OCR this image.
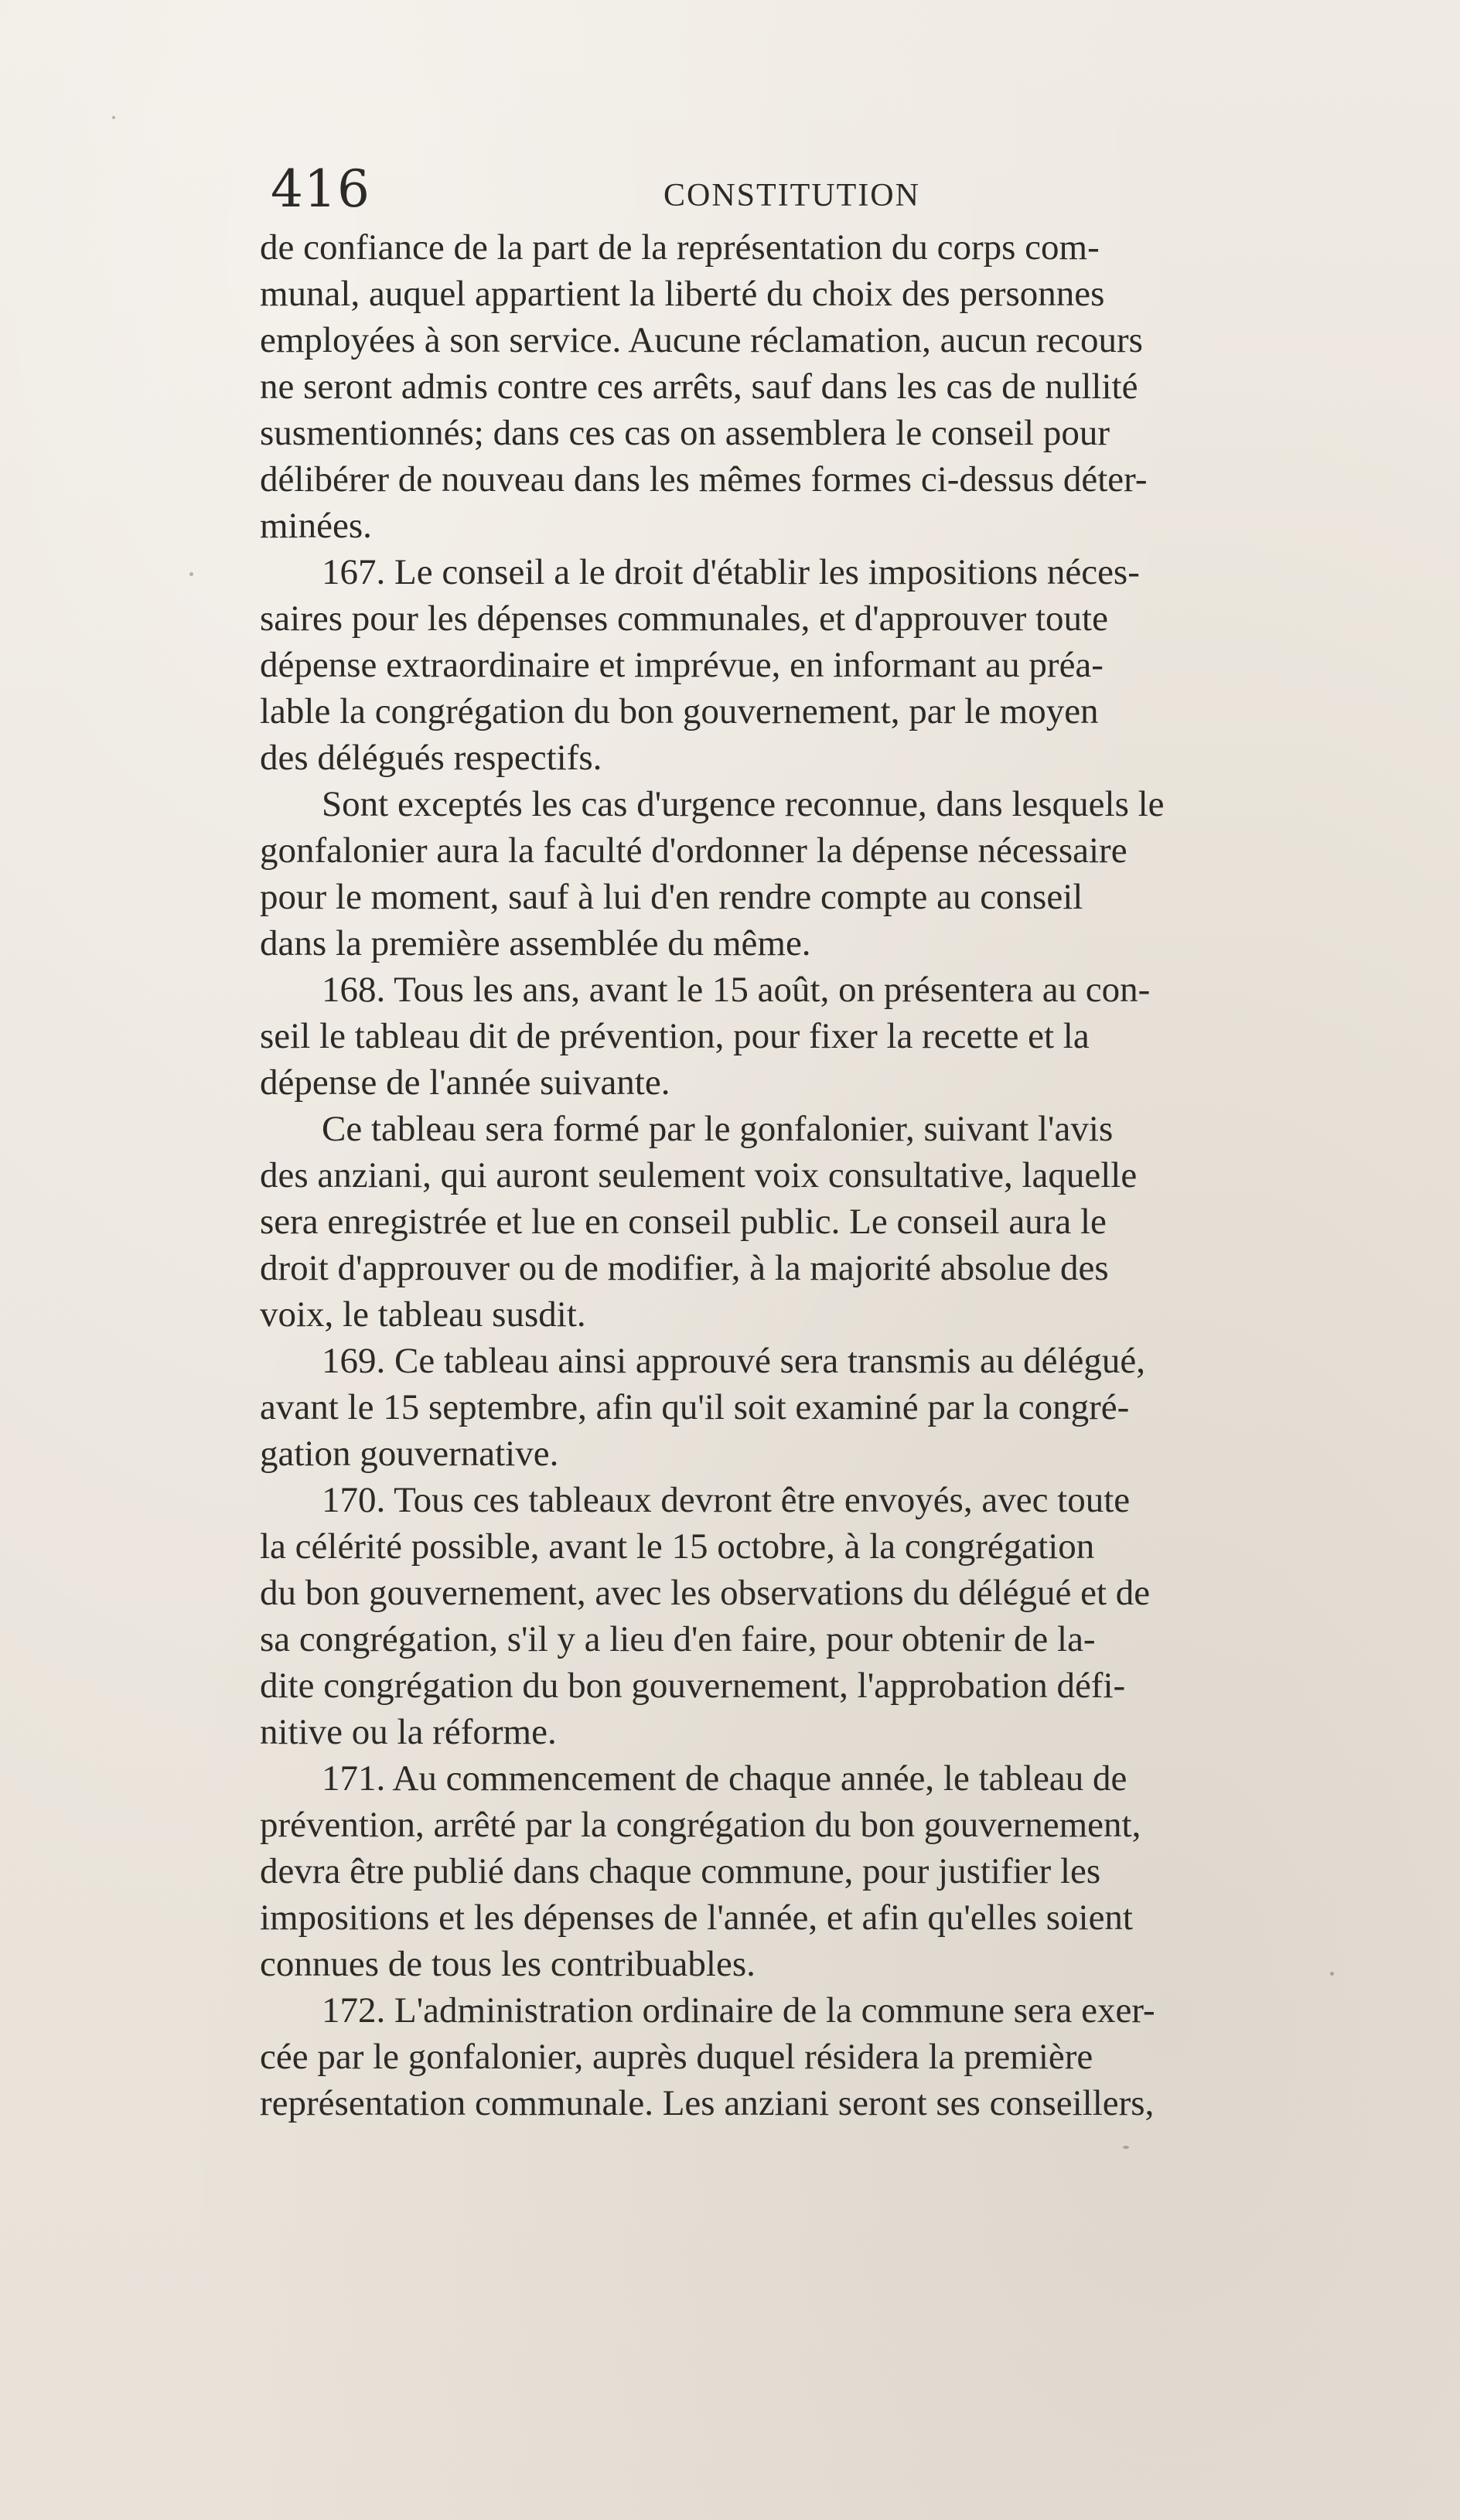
416	CONSTITUTION
de confiance de la part de la représentation du corps com-
munal, auquel appartient la liberté du choix des personnes
employées à son service. Aucune réclamation, aucun recours
ne seront admis contre ces arrêts, sauf dans les cas de nullité
susmentionnés; dans ces cas on assemblera le conseil pour
délibérer de nouveau dans les mêmes formes ci-dessus déter-
minées.
167. Le conseil a le droit d'établir les impositions néces-
saires pour les dépenses communales, et d'approuver toute
dépense extraordinaire et imprévue, en informant au préa-
lable la congrégation du bon gouvernement, par le moyen
des délégués respectifs.
Sont exceptés les cas d'urgence reconnue, dans lesquels le
gonfalonier aura la faculté d'ordonner la dépense nécessaire
pour le moment, sauf à lui d'en rendre compte au conseil
dans la première assemblée du même.
168. Tous les ans, avant le 15 août, on présentera au con-
seil le tableau dit de prévention, pour fixer la recette et la
dépense de l'année suivante.
Ce tableau sera formé par le gonfalonier, suivant l'avis
des anziani, qui auront seulement voix consultative, laquelle
sera enregistrée et lue en conseil public. Le conseil aura le
droit d'approuver ou de modifier, à la majorité absolue des
voix, le tableau susdit.
169. Ce tableau ainsi approuvé sera transmis au délégué,
avant le 15 septembre, afin qu'il soit examiné par la congré-
gation gouvernative.
170. Tous ces tableaux devront être envoyés, avec toute
la célérité possible, avant le 15 octobre, à la congrégation
du bon gouvernement, avec les observations du délégué et de
sa congrégation, s'il y a lieu d'en faire, pour obtenir de la-
dite congrégation du bon gouvernement, l'approbation défi-
nitive ou la réforme.
171. Au commencement de chaque année, le tableau de
prévention, arrêté par la congrégation du bon gouvernement,
devra être publié dans chaque commune, pour justifier les
impositions et les dépenses de l'année, et afin qu'elles soient
connues de tous les contribuables.
172. L'administration ordinaire de la commune sera exer-
cée par le gonfalonier, auprès duquel résidera la première
représentation communale. Les anziani seront ses conseillers,
